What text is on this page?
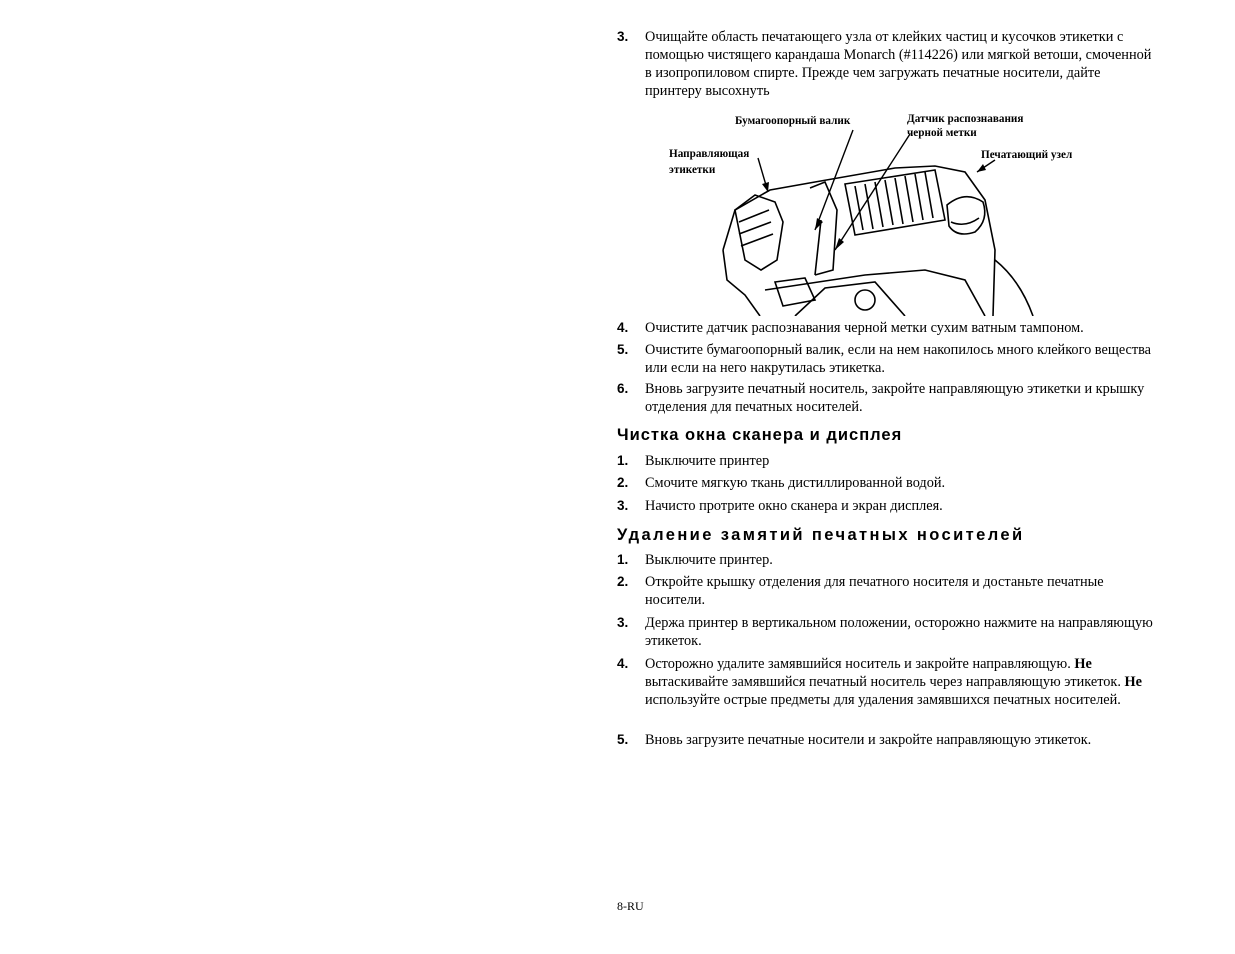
3. Очищайте область печатающего узла от клейких частиц и кусочков этикетки с помощью чистящего карандаша Monarch (#114226) или мягкой ветоши, смоченной в изопропиловом спирте. Прежде чем загружать печатные носители, дайте принтеру высохнуть
Бумагоопорный валик	Датчик распознавания
черной метки
Направляющая
этикетки
Печатающий узел
4. Очистите датчик распознавания черной метки сухим ватным тампоном.
5. Очистите бумагоопорный валик, если на нем накопилось много клейкого вещества или если на него накрутилась этикетка.
6. Вновь загрузите печатный носитель, закройте направляющую этикетки и крышку отделения для печатных носителей.
Чистка окна сканера и дисплея
1. Выключите принтер
2. Смочите мягкую ткань дистиллированной водой.
3. Начисто протрите окно сканера и экран дисплея.
Удаление замятий печатных носителей
1. Выключите принтер.
2. Откройте крышку отделения для печатного носителя и достаньте печатные носители.
3. Держа принтер в вертикальном положении, осторожно нажмите на направляющую этикеток.
4. Осторожно удалите замявшийся носитель и закройте направляющую. Не вытаскивайте замявшийся печатный носитель через направляющую этикеток. Не используйте острые предметы для удаления замявшихся печатных носителей.
5. Вновь загрузите печатные носители и закройте направляющую этикеток.
8-RU
